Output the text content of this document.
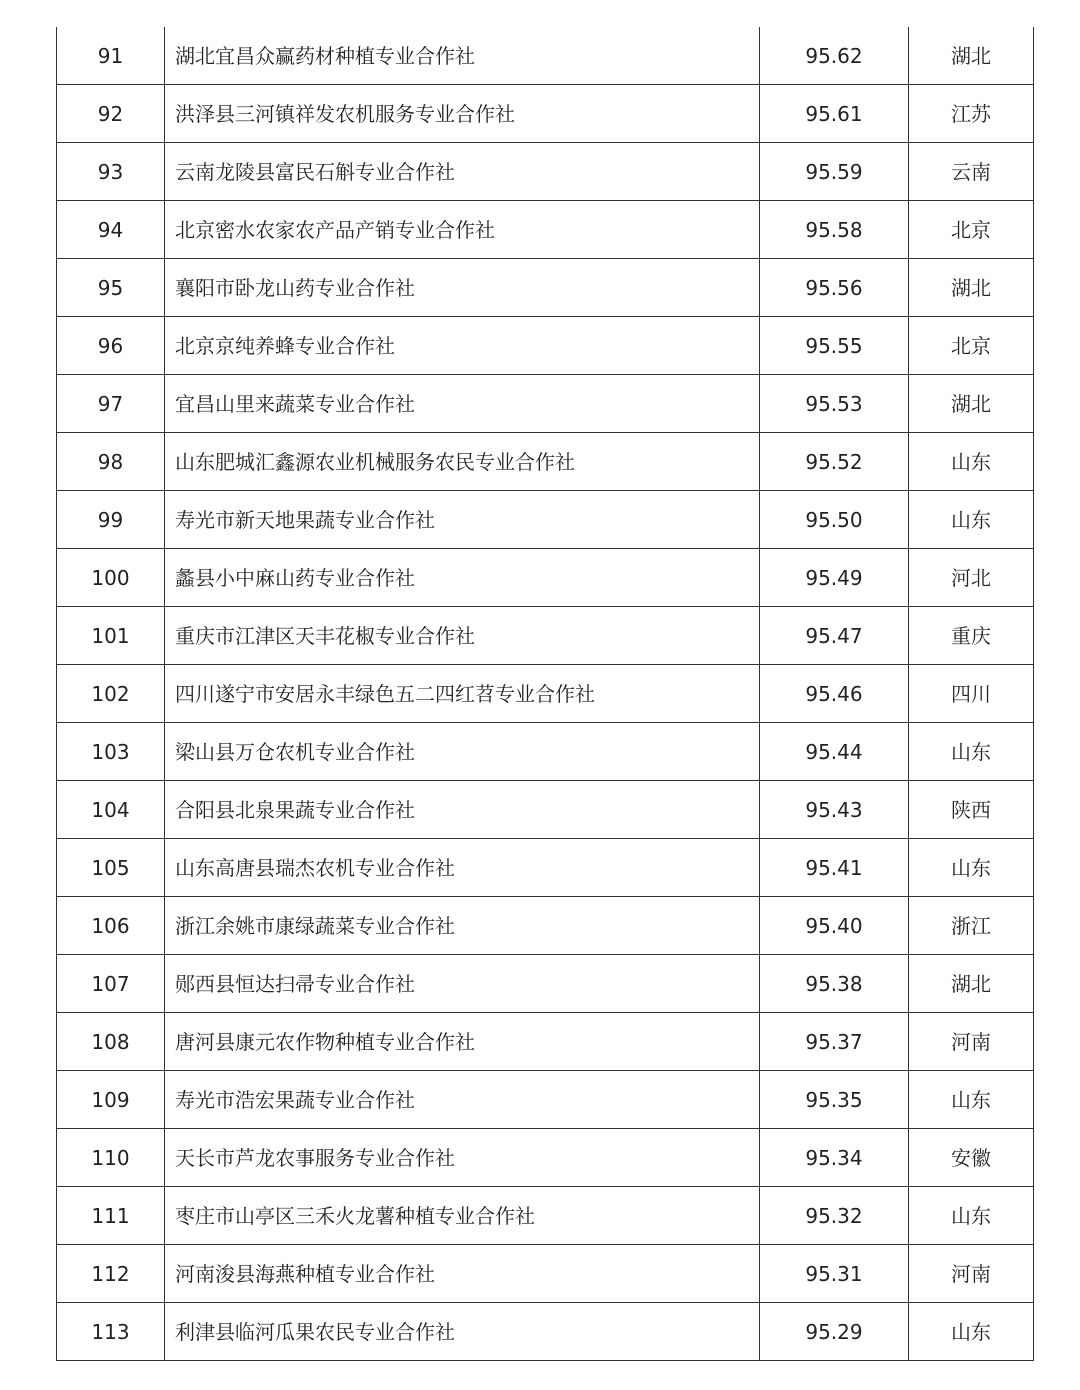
91	湖北宜昌众赢药材种植专业合作社	95.62	湖北
92	洪泽县三河镇祥发农机服务专业合作社	95.61	江苏
93	云南龙陵县富民石斛专业合作社	95.59	云南
94	北京密水农家农产品产销专业合作社	95.58	北京
95	襄阳市卧龙山药专业合作社	95.56	湖北
96	北京京纯养蜂专业合作社	95.55	北京
97	宜昌山里来蔬菜专业合作社	95.53	湖北
98	山东肥城汇鑫源农业机械服务农民专业合作社	95.52	山东
99	寿光市新天地果蔬专业合作社	95.50	山东
100	蠡县小中麻山药专业合作社	95.49	河北
101	重庆市江津区天丰花椒专业合作社	95.47	重庆
102	四川遂宁市安居永丰绿色五二四红苕专业合作社	95.46	四川
103	梁山县万仓农机专业合作社	95.44	山东
104	合阳县北泉果蔬专业合作社	95.43	陕西
105	山东高唐县瑞杰农机专业合作社	95.41	山东
106	浙江余姚市康绿蔬菜专业合作社	95.40	浙江
107	郧西县恒达扫帚专业合作社	95.38	湖北
108	唐河县康元农作物种植专业合作社	95.37	河南
109	寿光市浩宏果蔬专业合作社	95.35	山东
110	天长市芦龙农事服务专业合作社	95.34	安徽
111	枣庄市山亭区三禾火龙薯种植专业合作社	95.32	山东
112	河南浚县海燕种植专业合作社	95.31	河南
113	利津县临河瓜果农民专业合作社	95.29	山东
